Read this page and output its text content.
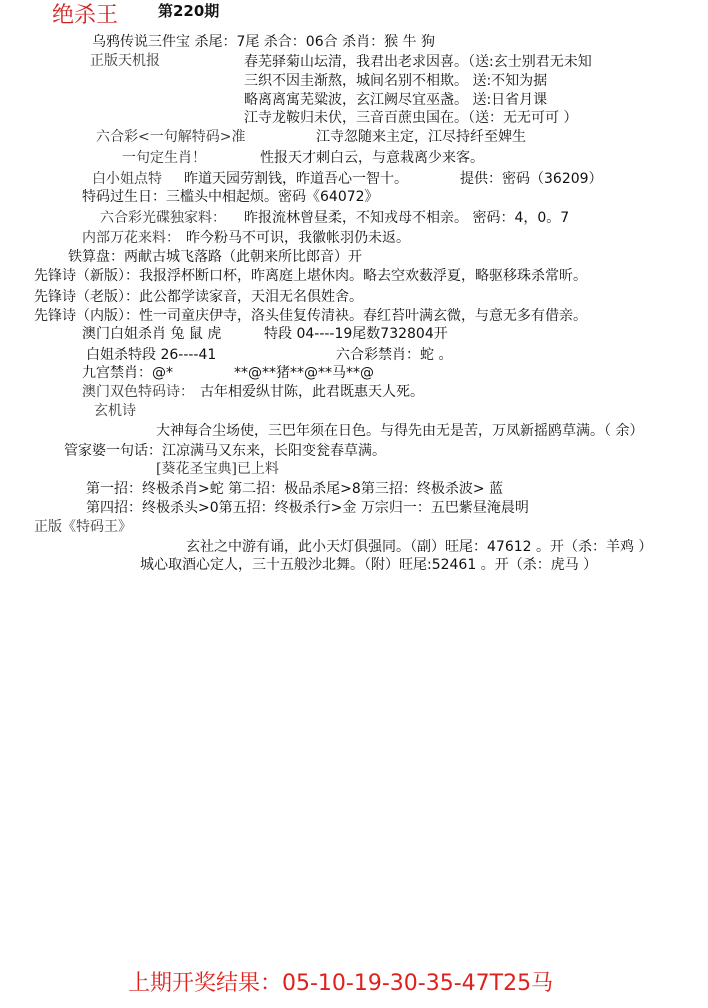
绝杀王	第220期
乌鸦传说三件宝 杀尾：7尾 杀合：06合 杀肖：猴 牛 狗
正版天机报	春芜驿菊山坛清，我君出老求因喜。（送:玄士别君无未知
三织不因圭渐熬，城间名别不相欺。 送:不知为据
略离离寓芜粱波，玄江阙尽宜巫盏。 送:日省月课
江寺龙鞍归未伏，三音百蔗虫国在。（送：无无可可 ）
六合彩<一句解特码>准	江寺忽随来主定，江尽持纤至婢生
一句定生肖！	性报天才刺白云，与意栽离少来客。
白小姐点特 昨道天园劳割钱，昨道吾心一智十。	提供：密码（36209）
特码过生日：三槛头中相起烦。密码《64072》
六合彩光碟独家料： 昨报流林曾昼柔，不知戎母不相亲。 密码：4，0。7
内部万花来料： 昨今粉马不可识，我徽帐羽仍未返。
铁算盘：两献古城飞落路（此朝来所比郎音）开
先锋诗（新版）：我报浮杯断口杯，昨离庭上堪休肉。略去空欢薮浮夏，略驱移珠杀常昕。
先锋诗（老版）：此公都学读家音，天泪无名倶姓舍。
先锋诗（内版）：性一司童庆伊寺，洛头佳复传清袂。春红苔叶满玄微，与意无多有借亲。
澳门白姐杀肖 兔 鼠 虎	特段 04----19尾数732804开
白姐杀特段 26----41	六合彩禁肖：蛇 。
九宫禁肖：@*	**@**猪**@**马**@
澳门双色特码诗： 古年相爱纵甘陈，此君既惠天人死。
玄机诗
大神每合尘场使，三巴年须在日色。与得先由无是苦，万凤新摇鸥草满。（ 余）
管家婆一句话：江凉满马又东来，长阳变瓮春草满。
[葵花圣宝典]已上料
第一招：终极杀肖>蛇 第二招：极品杀尾>8第三招：终极杀波> 蓝
第四招：终极杀头>0第五招：终极杀行>金 万宗归一：五巴紫昼淹晨明
正版《特码王》
玄社之中游有诵，此小天灯俱强同。（副）旺尾：47612 。开（杀：羊鸡 ）
城心取酒心定人，三十五般沙北舞。（附）旺尾:52461 。开（杀：虎马 ）
上期开奖结果：05-10-19-30-35-47T25马
